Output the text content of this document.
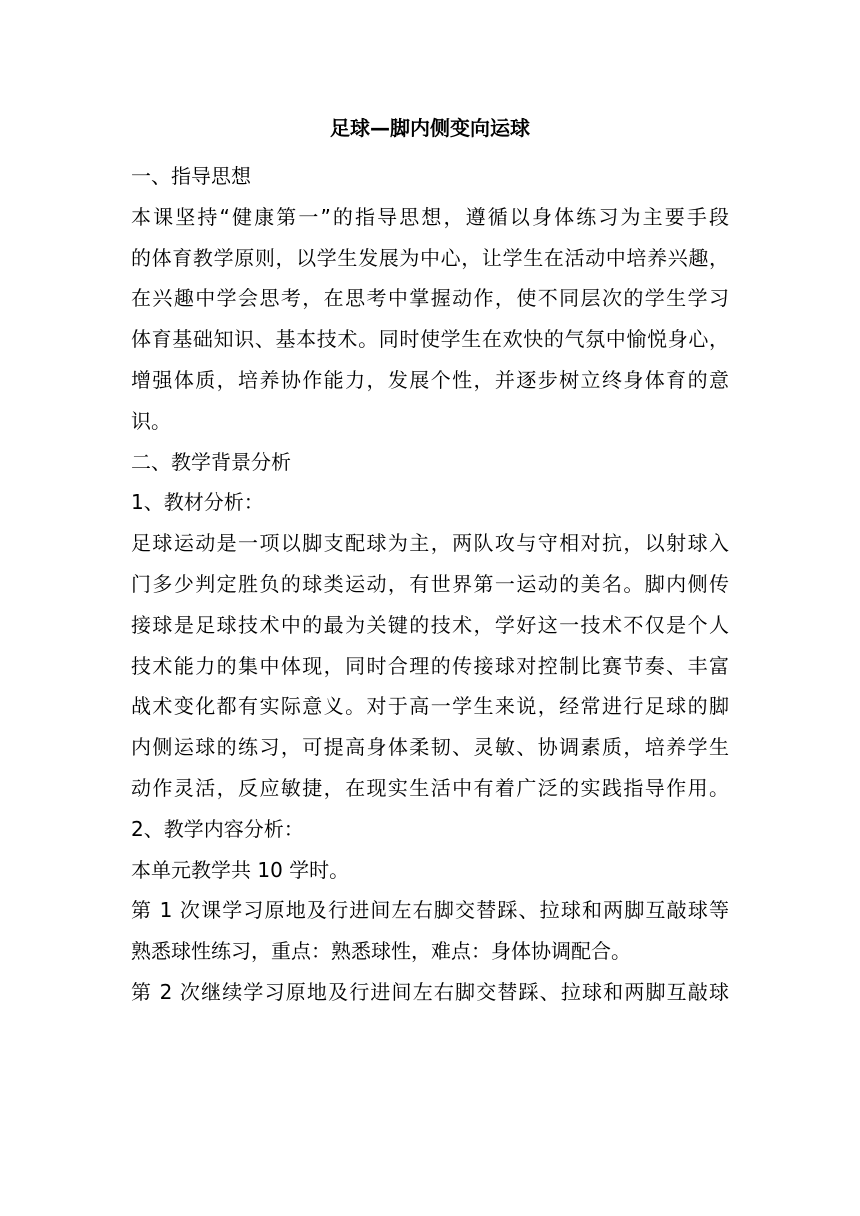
足球—脚内侧变向运球

一、指导思想

本课坚持“健康第一”的指导思想，遵循以身体练习为主要手段

的体育教学原则，以学生发展为中心，让学生在活动中培养兴趣，

在兴趣中学会思考，在思考中掌握动作，使不同层次的学生学习

体育基础知识、基本技术。同时使学生在欢快的气氛中愉悦身心，

增强体质，培养协作能力，发展个性，并逐步树立终身体育的意

识。

二、教学背景分析

1、教材分析：

足球运动是一项以脚支配球为主，两队攻与守相对抗，以射球入

门多少判定胜负的球类运动，有世界第一运动的美名。脚内侧传

接球是足球技术中的最为关键的技术，学好这一技术不仅是个人

技术能力的集中体现，同时合理的传接球对控制比赛节奏、丰富

战术变化都有实际意义。对于高一学生来说，经常进行足球的脚

内侧运球的练习，可提高身体柔韧、灵敏、协调素质，培养学生

动作灵活，反应敏捷，在现实生活中有着广泛的实践指导作用。

2、教学内容分析：

本单元教学共 10 学时。

第 1 次课学习原地及行进间左右脚交替踩、拉球和两脚互敲球等

熟悉球性练习，重点：熟悉球性，难点：身体协调配合。

第 2 次继续学习原地及行进间左右脚交替踩、拉球和两脚互敲球
